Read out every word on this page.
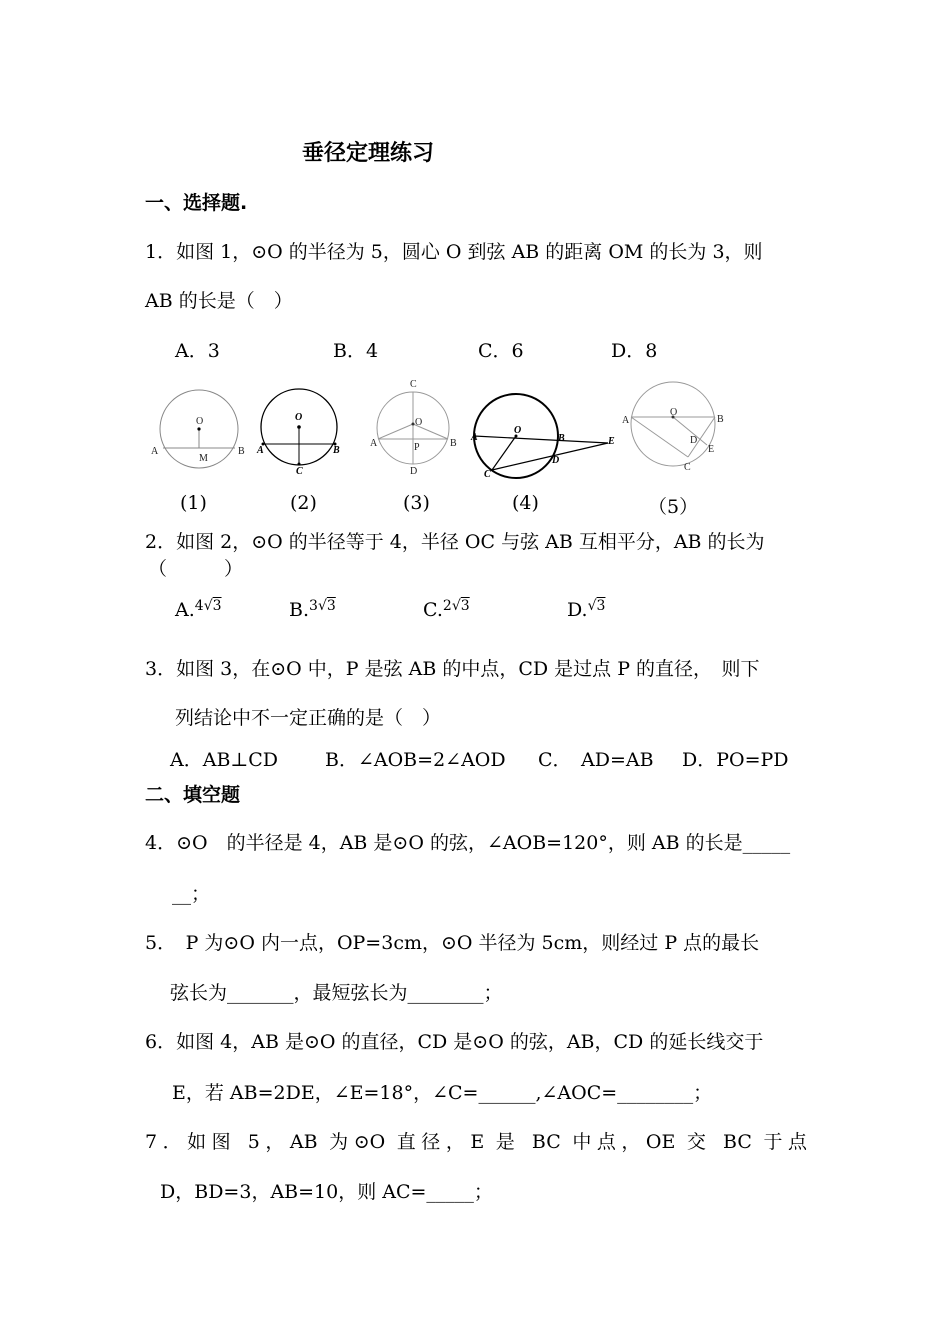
垂径定理练习
一、选择题.
1．如图 1，⊙O 的半径为 5，圆心 O 到弦 AB 的距离 OM 的长为 3，则
AB 的长是（　）
A．3	B．4	C．6	D．8
O
A	B
M
O
A	B
C
C
O
A	B
P
D
A
O
B	E
C
D
A
O
B
D
E
C
(1)	(2)	(3)	(4)	（5）
2．如图 2，⊙O 的半径等于 4，半径 OC 与弦 AB 互相平分，AB 的长为
（　　　）
A.$^{4√3}$	B.$^{3√3}$	C.$^{2√3}$	D.$^{√3}$
3．如图 3，在⊙O 中，P 是弦 AB 的中点，CD 是过点 P 的直径，　则下
列结论中不一定正确的是（　）
A．AB⊥CD B．∠AOB=2∠AOD C．　AD=AB D．PO=PD
二、填空题
4．⊙O　的半径是 4，AB 是⊙O 的弦，∠AOB=120°，则 AB 的长是_____
__；
5．　P 为⊙O 内一点，OP=3cm，⊙O 半径为 5cm，则经过 P 点的最长
弦长为_______，最短弦长为________；
6．如图 4，AB 是⊙O 的直径，CD 是⊙O 的弦，AB，CD 的延长线交于
E，若 AB=2DE，∠E=18°，∠C=______,∠AOC=________；
7．如图 5，AB 为⊙O 直径，E 是 BC 中点，OE 交 BC 于点
D，BD=3，AB=10，则 AC=_____；
